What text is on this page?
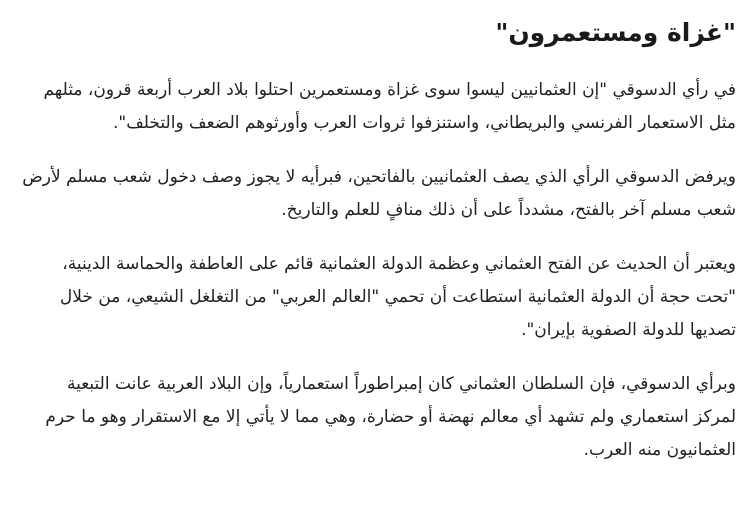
"غزاة ومستعمرون"

في رأي الدسوقي "إن العثمانيين ليسوا سوى غزاة ومستعمرين احتلوا بلاد العرب أربعة قرون، مثلهم مثل الاستعمار الفرنسي والبريطاني، واستنزفوا ثروات العرب وأورثوهم الضعف والتخلف".

ويرفض الدسوقي الرأي الذي يصف العثمانيين بالفاتحين، فبرأيه لا يجوز وصف دخول شعب مسلم لأرض شعب مسلم آخر بالفتح، مشدداً على أن ذلك منافٍ للعلم والتاريخ.

ويعتبر أن الحديث عن الفتح العثماني وعظمة الدولة العثمانية قائم على العاطفة والحماسة الدينية، "تحت حجة أن الدولة العثمانية استطاعت أن تحمي "العالم العربي" من التغلغل الشيعي، من خلال تصديها للدولة الصفوية بإيران".

وبرأي الدسوقي، فإن السلطان العثماني كان إمبراطوراً استعمارياً، وإن البلاد العربية عانت التبعية لمركز استعماري ولم تشهد أي معالم نهضة أو حضارة، وهي مما لا يأتي إلا مع الاستقرار وهو ما حرم العثمانيون منه العرب.
